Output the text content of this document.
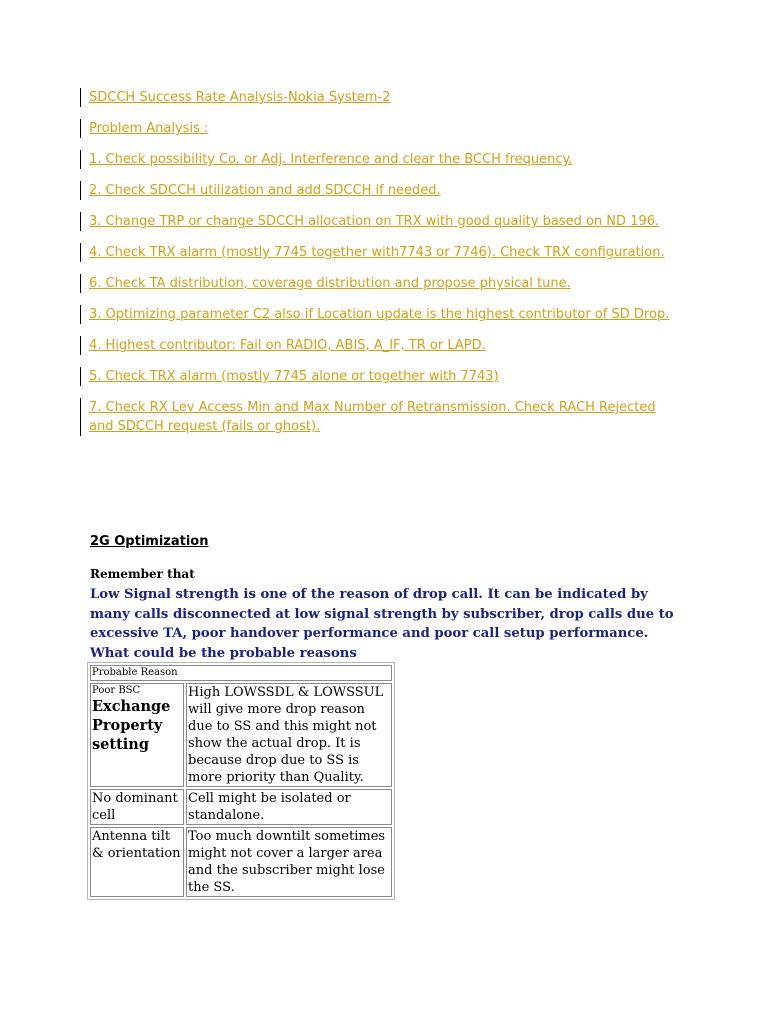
SDCCH Success Rate Analysis-Nokia System-2
Problem Analysis :
1. Check possibility Co. or Adj. Interference and clear the BCCH frequency.
2. Check SDCCH utilization and add SDCCH if needed.
3. Change TRP or change SDCCH allocation on TRX with good quality based on ND 196.
4. Check TRX alarm (mostly 7745 together with7743 or 7746). Check TRX configuration.
6. Check TA distribution, coverage distribution and propose physical tune.
3. Optimizing parameter C2 also if Location update is the highest contributor of SD Drop.
4. Highest contributor: Fail on RADIO, ABIS, A_IF, TR or LAPD.
5. Check TRX alarm (mostly 7745 alone or together with 7743)
7. Check RX Lev Access Min and Max Number of Retransmission. Check RACH Rejected and SDCCH request (fails or ghost).
2G Optimization
Remember that

Low Signal strength is one of the reason of drop call. It can be indicated by many calls disconnected at low signal strength by subscriber, drop calls due to excessive TA, poor handover performance and poor call setup performance. What could be the probable reasons

Probable Reason	

Poor BSC
Exchange Property setting	High LOWSSDL & LOWSSUL will give more drop reason due to SS and this might not show the actual drop. It is because drop due to SS is more priority than Quality.
No dominant cell	Cell might be isolated or standalone.
Antenna tilt & orientation	Too much downtilt sometimes might not cover a larger area and the subscriber might lose the SS.
